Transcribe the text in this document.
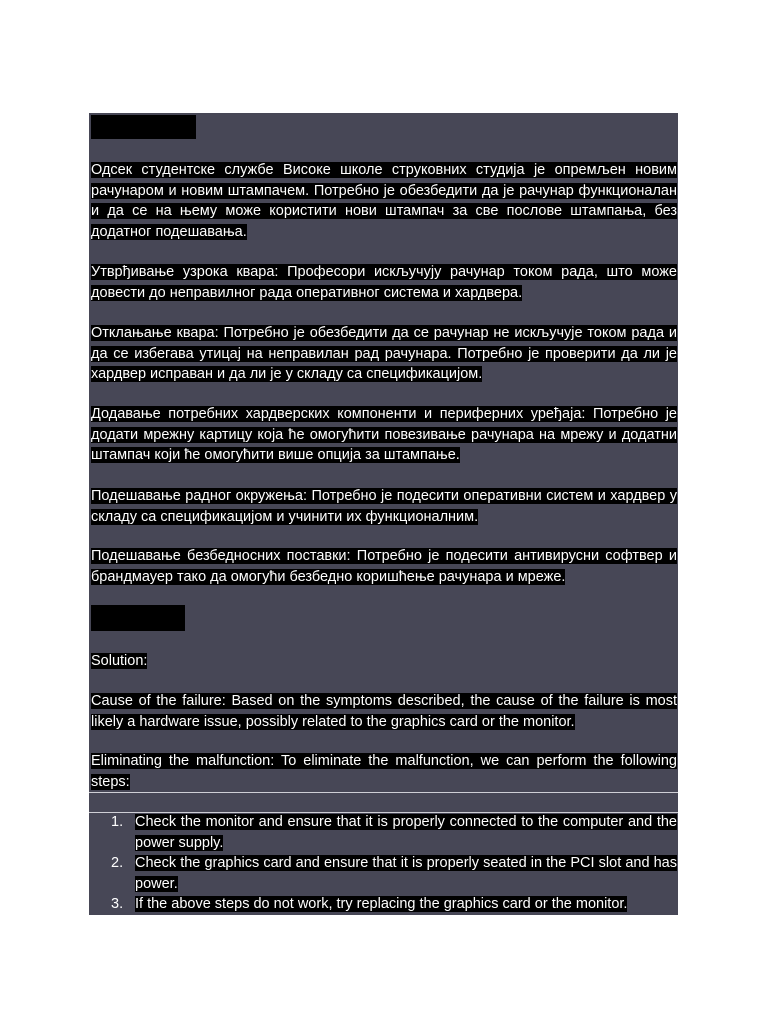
Одсек студентске службе Високе школе струковних студија је опремљен новим рачунаром и новим штампачем. Потребно је обезбедити да је рачунар функционалан и да се на њему може користити нови штампач за све послове штампања, без додатног подешавања.
Утврђивање узрока квара: Професори искључују рачунар током рада, што може довести до неправилног рада оперативног система и хардвера.
Отклањање квара: Потребно је обезбедити да се рачунар не искључује током рада и да се избегава утицај на неправилан рад рачунара. Потребно је проверити да ли је хардвер исправан и да ли је у складу са спецификацијом.
Додавање потребних хардверских компоненти и периферних уређаја: Потребно је додати мрежну картицу која ће омогућити повезивање рачунара на мрежу и додатни штампач који ће омогућити више опција за штампање.
Подешавање радног окружења: Потребно је подесити оперативни систем и хардвер у складу са спецификацијом и учинити их функционалним.
Подешавање безбедносних поставки: Потребно је подесити антивирусни софтвер и брандмауер тако да омогући безбедно коришћење рачунара и мреже.
Solution:
Cause of the failure: Based on the symptoms described, the cause of the failure is most likely a hardware issue, possibly related to the graphics card or the monitor.
Eliminating the malfunction: To eliminate the malfunction, we can perform the following steps:
1. Check the monitor and ensure that it is properly connected to the computer and the power supply.
2. Check the graphics card and ensure that it is properly seated in the PCI slot and has power.
3. If the above steps do not work, try replacing the graphics card or the monitor.
